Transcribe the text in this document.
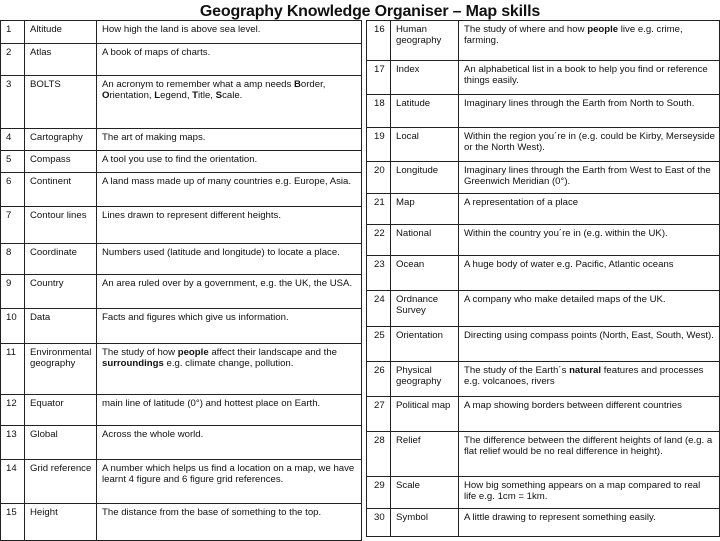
Geography Knowledge Organiser – Map skills
1	Altitude	How high the land is above sea level.
2	Atlas	A book of maps of charts.
3	BOLTS	An acronym to remember what a amp needs Border, Orientation, Legend, Title, Scale.
4	Cartography	The art of making maps.
5	Compass	A tool you use to find the orientation.
6	Continent	A land mass made up of many countries e.g. Europe, Asia.
7	Contour lines	Lines drawn to represent different heights.
8	Coordinate	Numbers used (latitude and longitude) to locate a place.
9	Country	An area ruled over by a government, e.g. the UK, the USA.
10	Data	Facts and figures which give us information.
11	Environmental geography	The study of how people affect their landscape and the surroundings e.g. climate change, pollution.
12	Equator	main line of latitude (0°) and hottest place on Earth.
13	Global	Across the whole world.
14	Grid reference	A number which helps us find a location on a map, we have learnt 4 figure and 6 figure grid references.
15	Height	The distance from the base of something to the top.
16	Human geography	The study of where and how people live e.g. crime, farming.
17	Index	An alphabetical list in a book to help you find or reference things easily.
18	Latitude	Imaginary lines through the Earth from North to South.
19	Local	Within the region you´re in (e.g. could be Kirby, Merseyside or the North West).
20	Longitude	Imaginary lines through the Earth from West to East of the Greenwich Meridian (0°).
21	Map	A representation of a place
22	National	Within the country you´re in (e.g. within the UK).
23	Ocean	A huge body of water e.g. Pacific, Atlantic oceans
24	Ordnance Survey	A company who make detailed maps of the UK.
25	Orientation	Directing using compass points (North, East, South, West).
26	Physical geography	The study of the Earth´s natural features and processes e.g. volcanoes, rivers
27	Political map	A map showing borders between different countries
28	Relief	The difference between the different heights of land (e.g. a flat relief would be no real difference in height).
29	Scale	How big something appears on a map compared to real life e.g. 1cm = 1km.
30	Symbol	A little drawing to represent something easily.
